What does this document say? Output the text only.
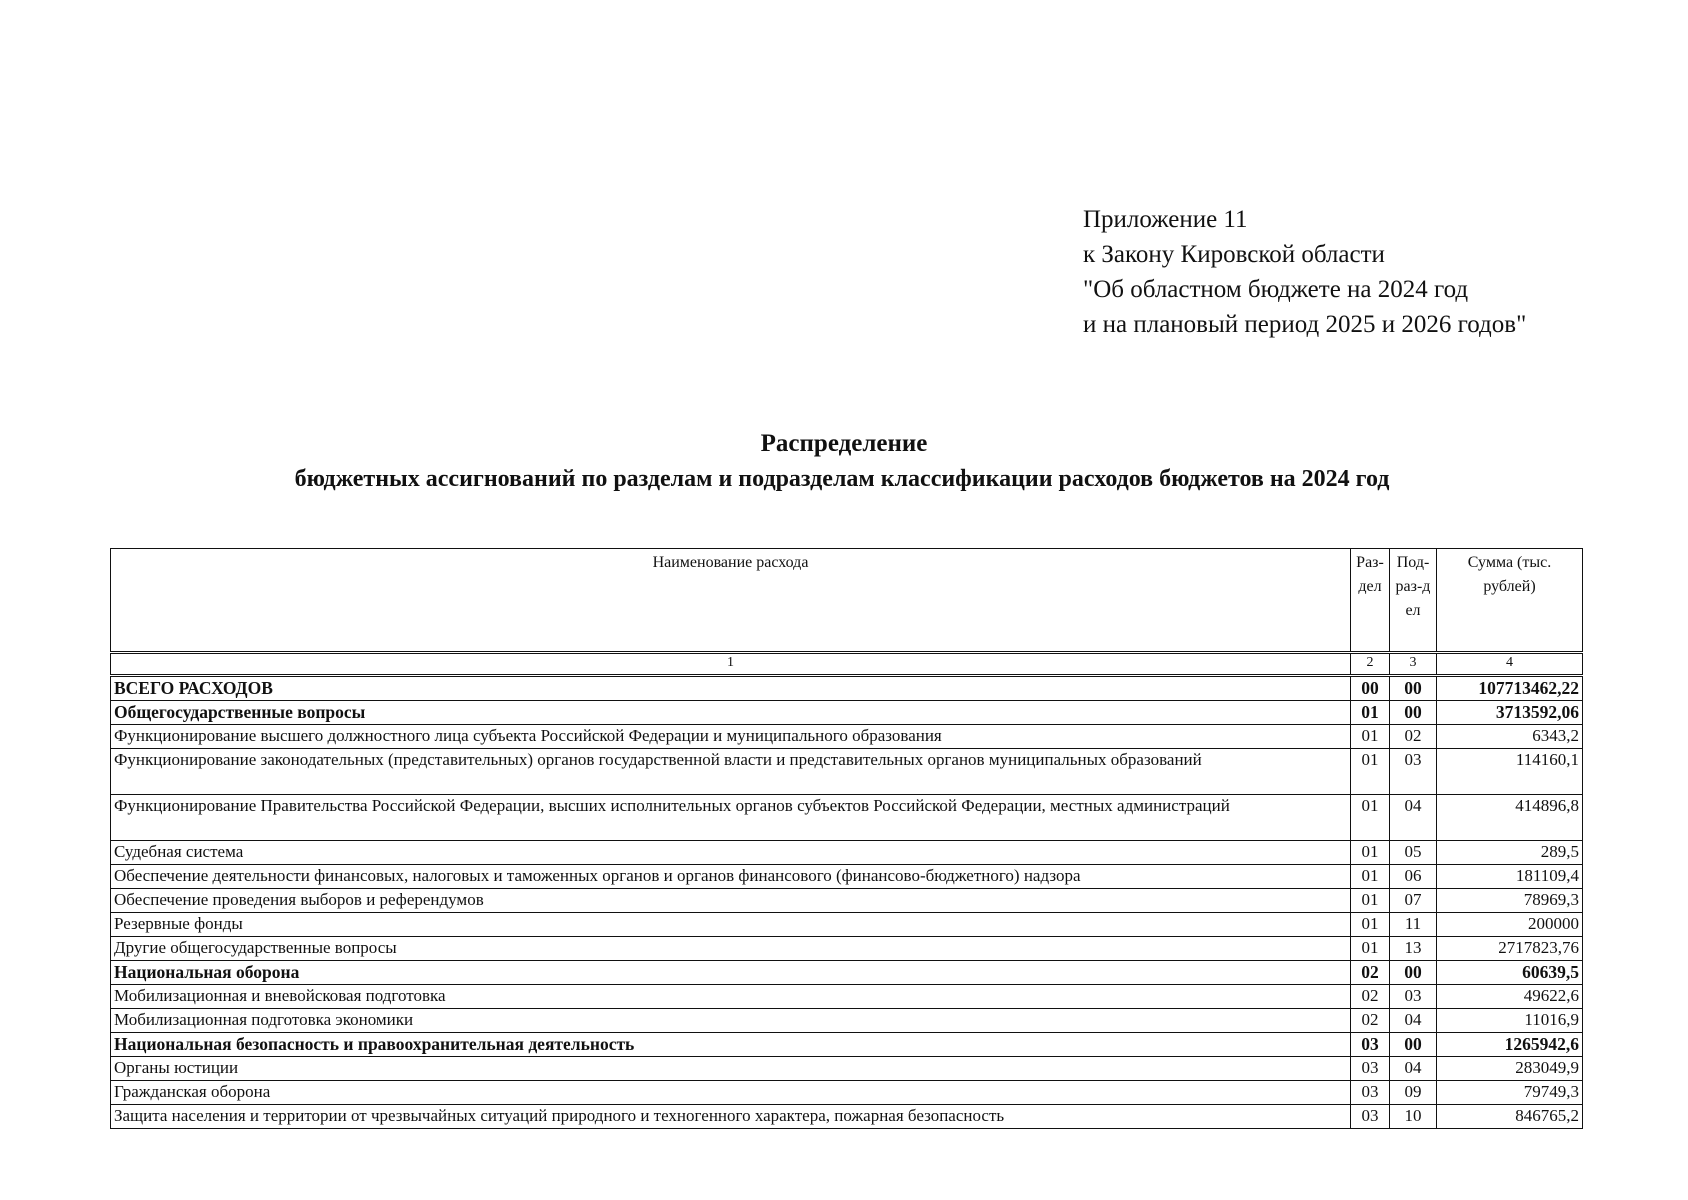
Приложение 11
к Закону Кировской области
"Об областном бюджете на 2024 год
и на плановый период 2025 и 2026 годов"
Распределение
бюджетных ассигнований по разделам и подразделам классификации расходов бюджетов на 2024 год
Наименование расхода	Раз-дел	Под-раз-дел	Сумма (тыс. рублей)
1	2	3	4
ВСЕГО РАСХОДОВ	00	00	107713462,22
Общегосударственные вопросы	01	00	3713592,06
Функционирование высшего должностного лица субъекта Российской Федерации и муниципального образования	01	02	6343,2
Функционирование законодательных (представительных) органов государственной власти и представительных органов муниципальных образований	01	03	114160,1
Функционирование Правительства Российской Федерации, высших исполнительных органов субъектов Российской Федерации, местных администраций	01	04	414896,8
Судебная система	01	05	289,5
Обеспечение деятельности финансовых, налоговых и таможенных органов и органов финансового (финансово-бюджетного) надзора	01	06	181109,4
Обеспечение проведения выборов и референдумов	01	07	78969,3
Резервные фонды	01	11	200000
Другие общегосударственные вопросы	01	13	2717823,76
Национальная оборона	02	00	60639,5
Мобилизационная и вневойсковая подготовка	02	03	49622,6
Мобилизационная подготовка экономики	02	04	11016,9
Национальная безопасность и правоохранительная деятельность	03	00	1265942,6
Органы юстиции	03	04	283049,9
Гражданская оборона	03	09	79749,3
Защита населения и территории от чрезвычайных ситуаций природного и техногенного характера, пожарная безопасность	03	10	846765,2
